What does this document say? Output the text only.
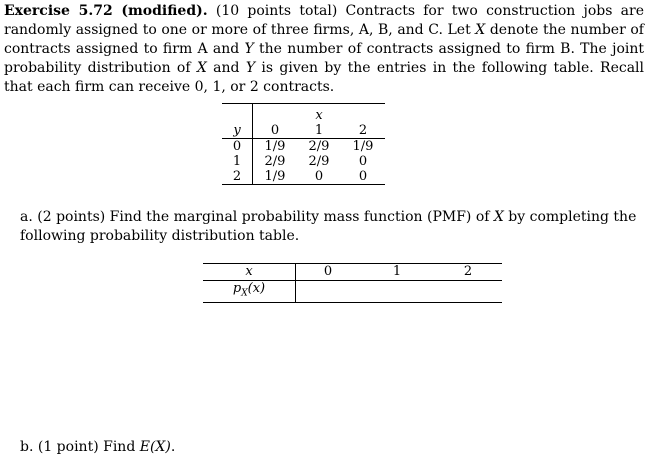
Exercise 5.72 (modified). (10 points total) Contracts for two construction jobs are randomly assigned to one or more of three firms, A, B, and C. Let X denote the number of contracts assigned to firm A and Y the number of contracts assigned to firm B. The joint probability distribution of X and Y is given by the entries in the following table. Recall that each firm can receive 0, 1, or 2 contracts.
		x	
y	0	1	2
0	1/9	2/9	1/9
1	2/9	2/9	0
2	1/9	0	0
a. (2 points) Find the marginal probability mass function (PMF) of X by completing the following probability distribution table.
x	0	1	2
$p_X(x)$			
b. (1 point) Find E(X).
